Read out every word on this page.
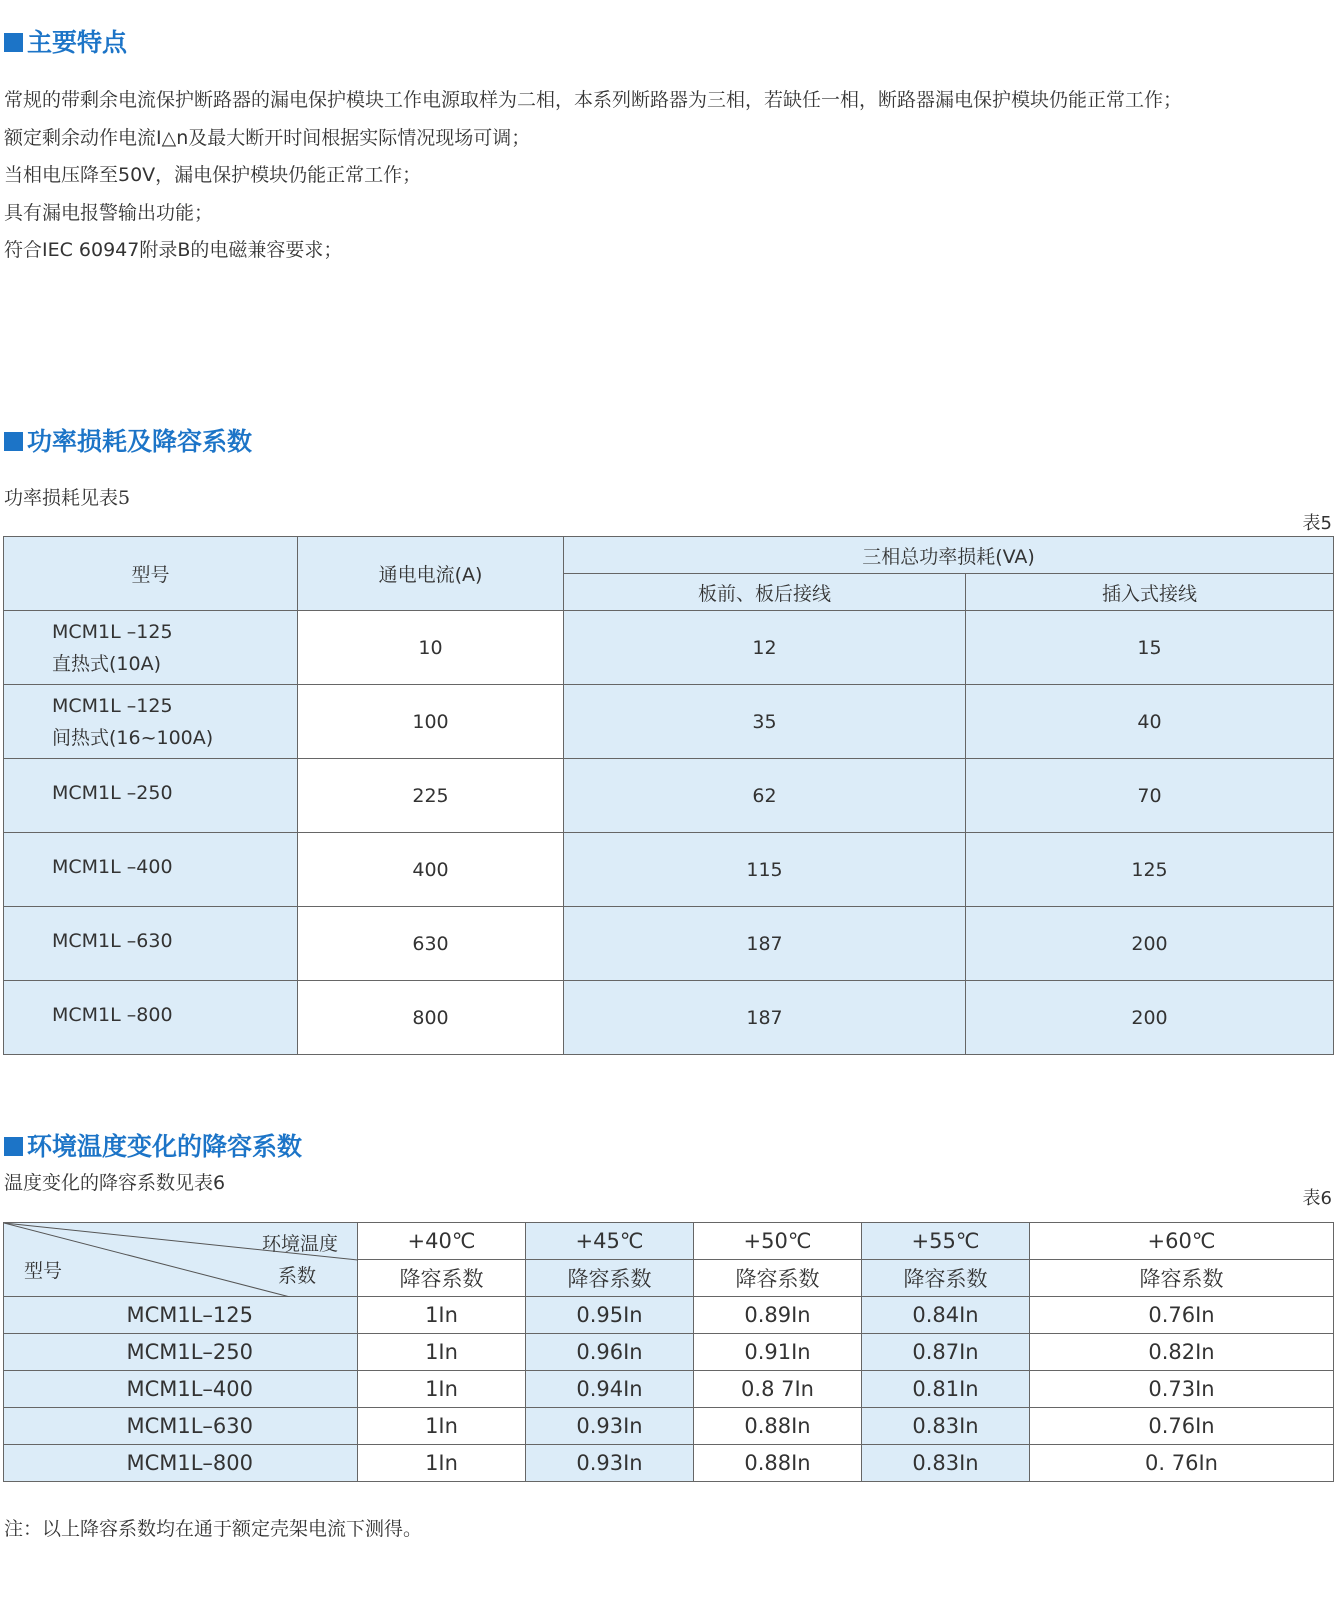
主要特点
常规的带剩余电流保护断路器的漏电保护模块工作电源取样为二相，本系列断路器为三相，若缺任一相，断路器漏电保护模块仍能正常工作；
额定剩余动作电流I△n及最大断开时间根据实际情况现场可调；
当相电压降至50V，漏电保护模块仍能正常工作；
具有漏电报警输出功能；
符合IEC 60947附录B的电磁兼容要求；
功率损耗及降容系数
功率损耗见表5
表5
型号	通电电流(A)	三相总功率损耗(VA)	
		板前、板后接线	插入式接线

MCM1L –125
直热式(10A)	10	12	15

MCM1L –125
间热式(16~100A)	100	35	40
MCM1L –250	225	62	70
MCM1L –400	400	115	125
MCM1L –630	630	187	200
MCM1L –800	800	187	200
环境温度变化的降容系数
温度变化的降容系数见表6
表6
环境温度
系数
型号	+40℃	+45℃	+50℃	+55℃	+60℃
	降容系数	降容系数	降容系数	降容系数	降容系数
MCM1L–125	1In	0.95In	0.89In	0.84In	0.76In
MCM1L–250	1In	0.96In	0.91In	0.87In	0.82In
MCM1L–400	1In	0.94In	0.8 7In	0.81In	0.73In
MCM1L–630	1In	0.93In	0.88In	0.83In	0.76In
MCM1L–800	1In	0.93In	0.88In	0.83In	0. 76In
注：以上降容系数均在通于额定壳架电流下测得。
